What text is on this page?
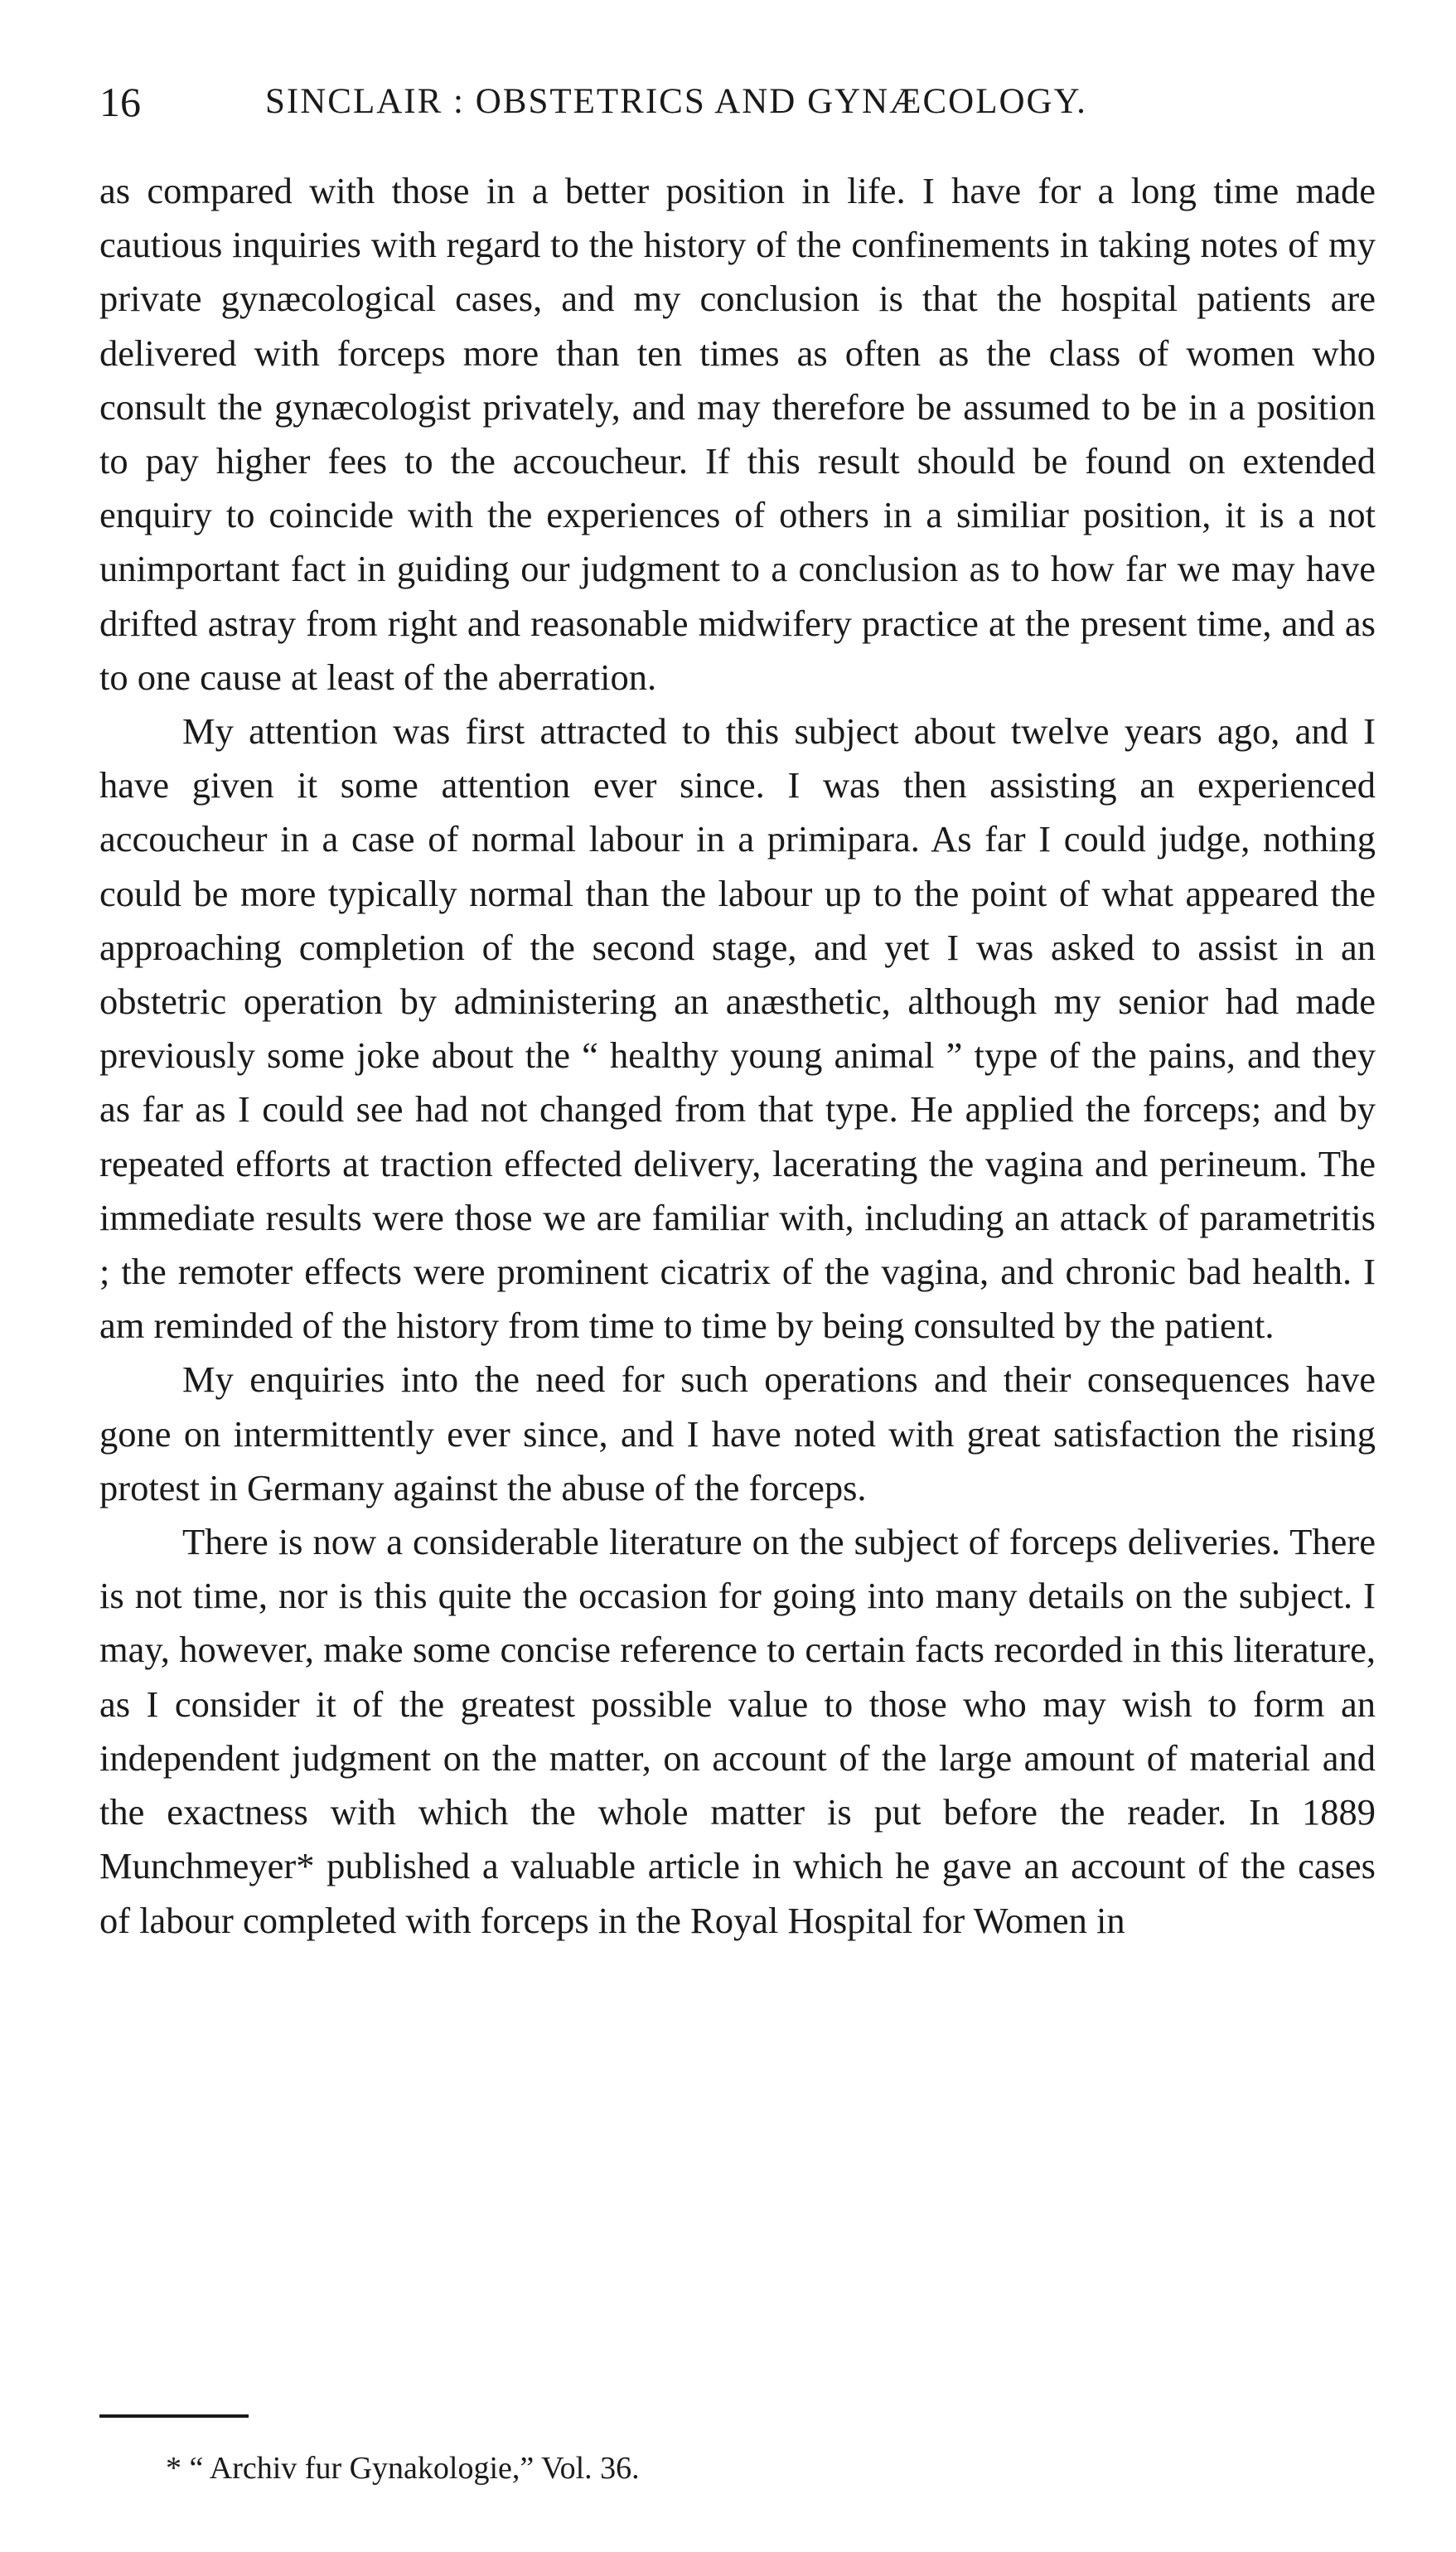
16	SINCLAIR : OBSTETRICS AND GYNÆCOLOGY.

as compared with those in a better position in life. I have for a long time made cautious inquiries with regard to the history of the confinements in taking notes of my private gynæcological cases, and my conclusion is that the hospital patients are delivered with forceps more than ten times as often as the class of women who consult the gynæcologist privately, and may therefore be assumed to be in a position to pay higher fees to the accoucheur. If this result should be found on extended enquiry to coincide with the experiences of others in a similiar position, it is a not unimportant fact in guiding our judgment to a conclusion as to how far we may have drifted astray from right and reasonable midwifery practice at the present time, and as to one cause at least of the aberration.

My attention was first attracted to this subject about twelve years ago, and I have given it some attention ever since. I was then assisting an experienced accoucheur in a case of normal labour in a primipara. As far I could judge, nothing could be more typically normal than the labour up to the point of what appeared the approaching completion of the second stage, and yet I was asked to assist in an obstetric operation by administering an anæsthetic, although my senior had made previously some joke about the “ healthy young animal ” type of the pains, and they as far as I could see had not changed from that type. He applied the forceps; and by repeated efforts at traction effected delivery, lacerating the vagina and perineum. The immediate results were those we are familiar with, including an attack of parametritis ; the remoter effects were prominent cicatrix of the vagina, and chronic bad health. I am reminded of the history from time to time by being consulted by the patient.

My enquiries into the need for such operations and their consequences have gone on intermittently ever since, and I have noted with great satisfaction the rising protest in Germany against the abuse of the forceps.

There is now a considerable literature on the subject of forceps deliveries. There is not time, nor is this quite the occasion for going into many details on the subject. I may, however, make some concise reference to certain facts recorded in this literature, as I consider it of the greatest possible value to those who may wish to form an independent judgment on the matter, on account of the large amount of material and the exactness with which the whole matter is put before the reader. In 1889 Munchmeyer* published a valuable article in which he gave an account of the cases of labour completed with forceps in the Royal Hospital for Women in

* “ Archiv fur Gynakologie,” Vol. 36.
